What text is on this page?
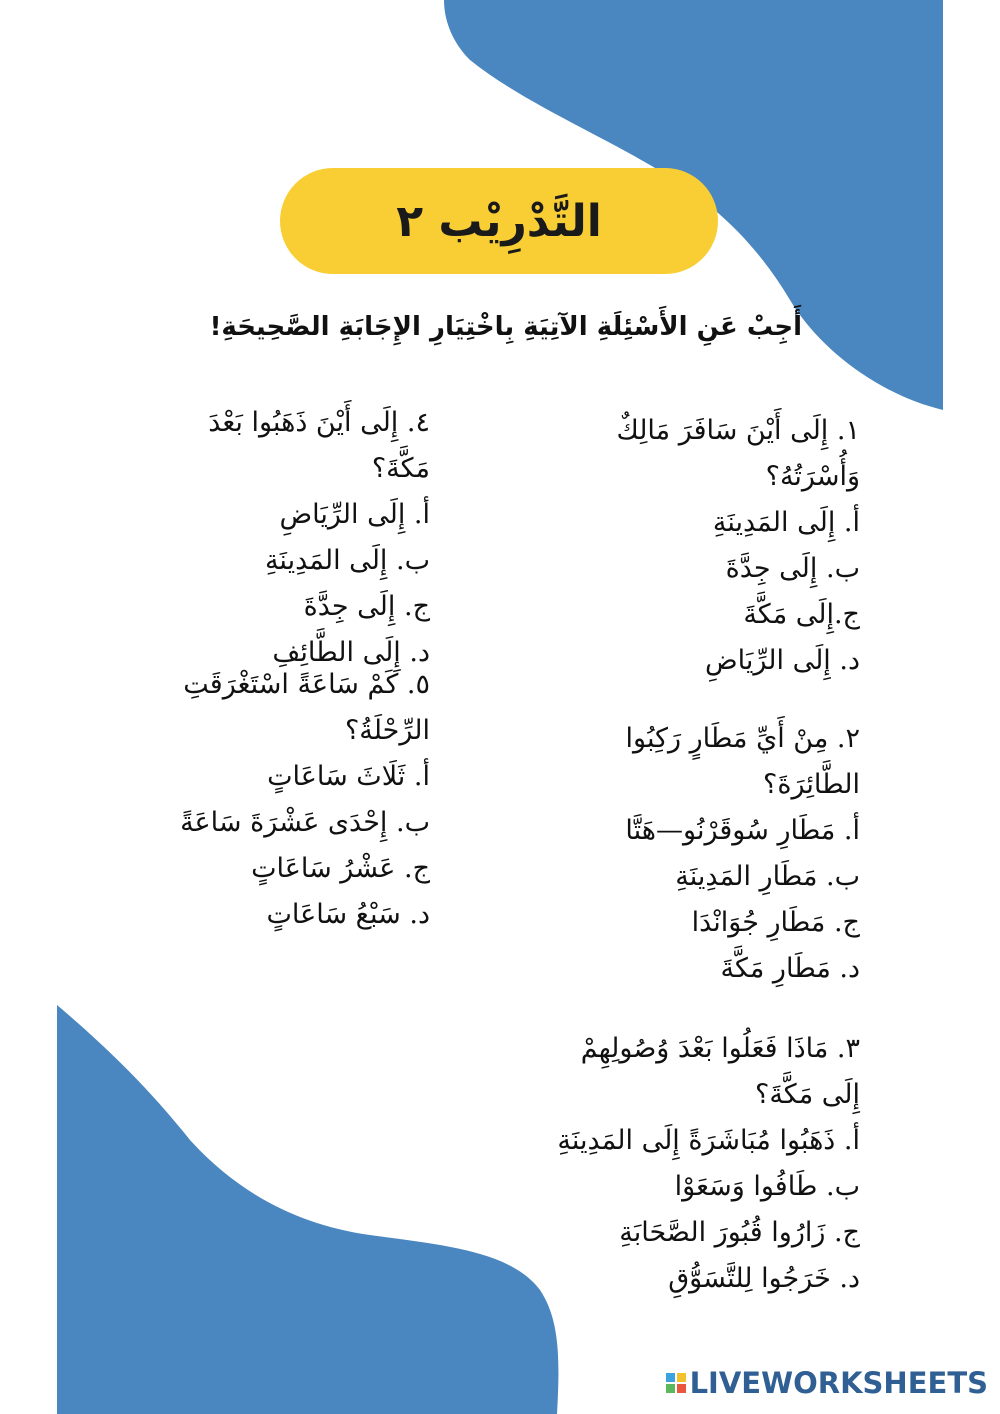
التَّدْرِيْب ٢
أَجِبْ عَنِ الأَسْئِلَةِ الآتِيَةِ بِاخْتِيَارِ الإِجَابَةِ الصَّحِيحَةِ!
١. إِلَى أَيْنَ سَافَرَ مَالِكٌ
وَأُسْرَتُهُ؟
أ. إِلَى المَدِينَةِ
ب. إِلَى جِدَّةَ
ج.إِلَى مَكَّةَ
د. إِلَى الرِّيَاضِ
٢. مِنْ أَيِّ مَطَارٍ رَكِبُوا
الطَّائِرَةَ؟
أ. مَطَارِ سُوقَرْنُو—هَتَّا
ب. مَطَارِ المَدِينَةِ
ج. مَطَارِ جُوَانْدَا
د. مَطَارِ مَكَّةَ
٣. مَاذَا فَعَلُوا بَعْدَ وُصُولِهِمْ
إِلَى مَكَّةَ؟
أ. ذَهَبُوا مُبَاشَرَةً إِلَى المَدِينَةِ
ب. طَافُوا وَسَعَوْا
ج. زَارُوا قُبُورَ الصَّحَابَةِ
د. خَرَجُوا لِلتَّسَوُّقِ
٤. إِلَى أَيْنَ ذَهَبُوا بَعْدَ مَكَّةَ؟
أ. إِلَى الرِّيَاضِ
ب. إِلَى المَدِينَةِ
ج. إِلَى جِدَّةَ
د. إِلَى الطَّائِفِ
٥. كَمْ سَاعَةً اسْتَغْرَقَتِ
الرِّحْلَةُ؟
أ. ثَلَاثَ سَاعَاتٍ
ب. إِحْدَى عَشْرَةَ سَاعَةً
ج. عَشْرُ سَاعَاتٍ
د. سَبْعُ سَاعَاتٍ
LIVEWORKSHEETS
